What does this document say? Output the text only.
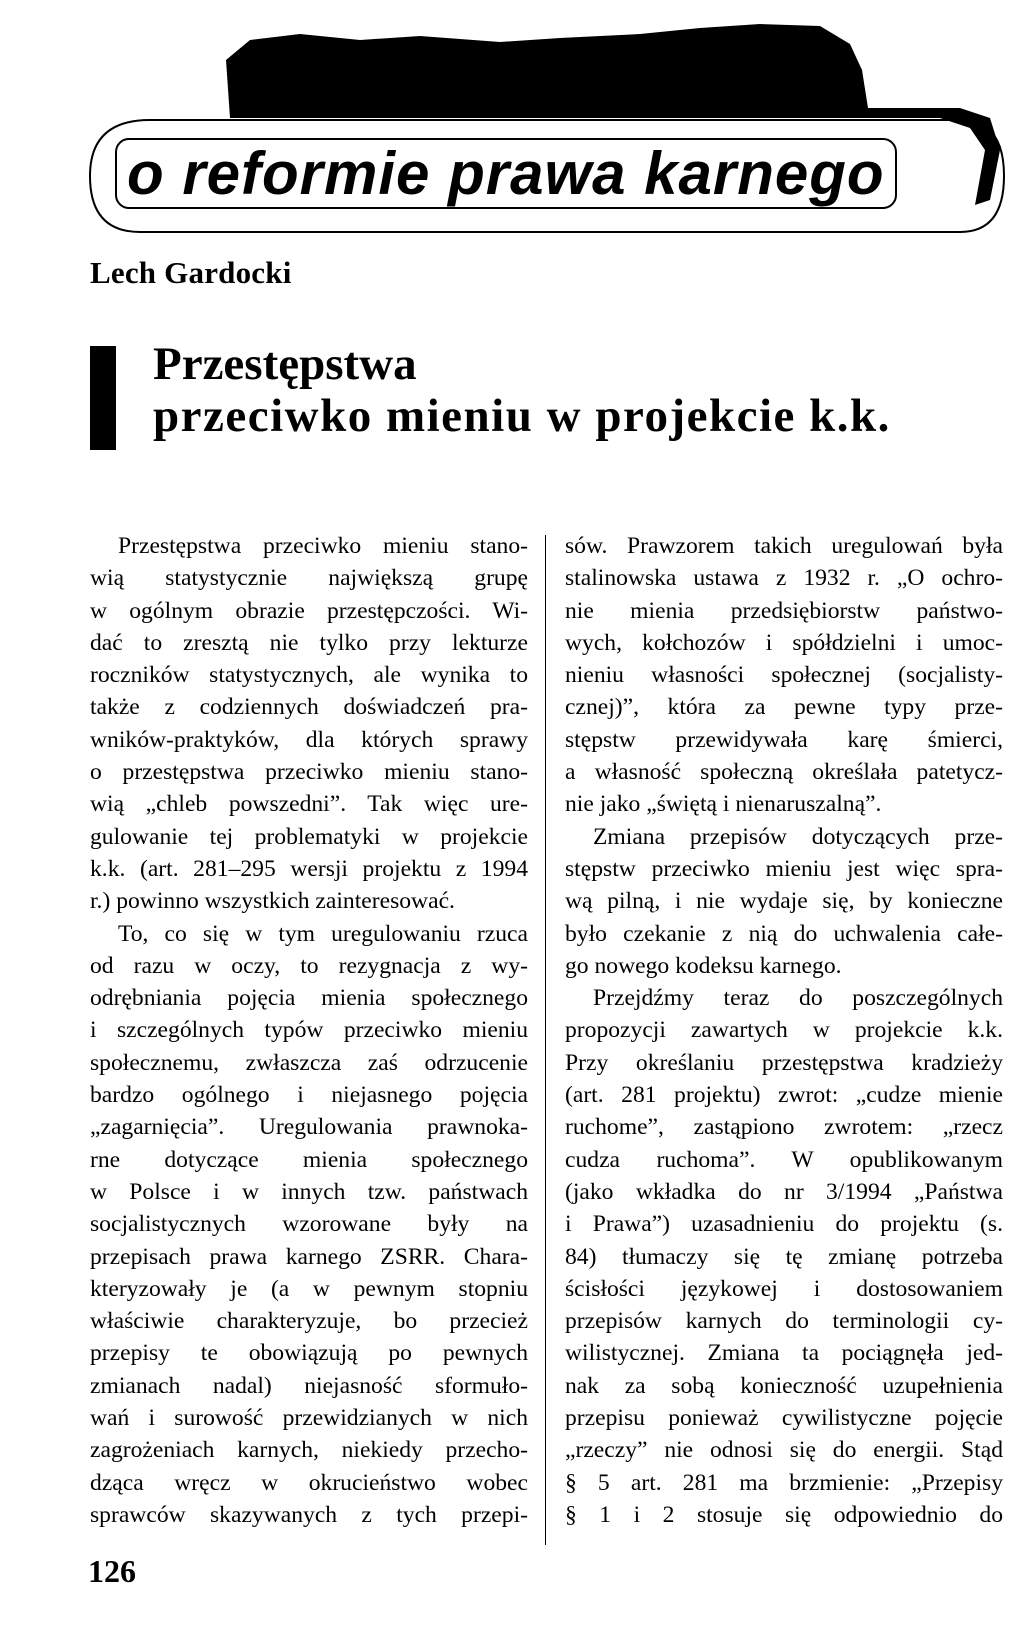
o reformie prawa karnego
Lech Gardocki
Przestępstwa
przeciwko mieniu w projekcie k.k.
Przestępstwa przeciwko mieniu stano-
wią statystycznie największą grupę
w ogólnym obrazie przestępczości. Wi-
dać to zresztą nie tylko przy lekturze
roczników statystycznych, ale wynika to
także z codziennych doświadczeń pra-
wników-praktyków, dla których sprawy
o przestępstwa przeciwko mieniu stano-
wią „chleb powszedni”. Tak więc ure-
gulowanie tej problematyki w projekcie
k.k. (art. 281–295 wersji projektu z 1994
r.) powinno wszystkich zainteresować.
To, co się w tym uregulowaniu rzuca
od razu w oczy, to rezygnacja z wy-
odrębniania pojęcia mienia społecznego
i szczególnych typów przeciwko mieniu
społecznemu, zwłaszcza zaś odrzucenie
bardzo ogólnego i niejasnego pojęcia
„zagarnięcia”. Uregulowania prawnoka-
rne dotyczące mienia społecznego
w Polsce i w innych tzw. państwach
socjalistycznych wzorowane były na
przepisach prawa karnego ZSRR. Chara-
kteryzowały je (a w pewnym stopniu
właściwie charakteryzuje, bo przecież
przepisy te obowiązują po pewnych
zmianach nadal) niejasność sformuło-
wań i surowość przewidzianych w nich
zagrożeniach karnych, niekiedy przecho-
dząca wręcz w okrucieństwo wobec
sprawców skazywanych z tych przepi-
sów. Prawzorem takich uregulowań była
stalinowska ustawa z 1932 r. „O ochro-
nie mienia przedsiębiorstw państwo-
wych, kołchozów i spółdzielni i umoc-
nieniu własności społecznej (socjalisty-
cznej)”, która za pewne typy prze-
stępstw przewidywała karę śmierci,
a własność społeczną określała patetycz-
nie jako „świętą i nienaruszalną”.
Zmiana przepisów dotyczących prze-
stępstw przeciwko mieniu jest więc spra-
wą pilną, i nie wydaje się, by konieczne
było czekanie z nią do uchwalenia całe-
go nowego kodeksu karnego.
Przejdźmy teraz do poszczególnych
propozycji zawartych w projekcie k.k.
Przy określaniu przestępstwa kradzieży
(art. 281 projektu) zwrot: „cudze mienie
ruchome”, zastąpiono zwrotem: „rzecz
cudza ruchoma”. W opublikowanym
(jako wkładka do nr 3/1994 „Państwa
i Prawa”) uzasadnieniu do projektu (s.
84) tłumaczy się tę zmianę potrzeba
ścisłości językowej i dostosowaniem
przepisów karnych do terminologii cy-
wilistycznej. Zmiana ta pociągnęła jed-
nak za sobą konieczność uzupełnienia
przepisu ponieważ cywilistyczne pojęcie
„rzeczy” nie odnosi się do energii. Stąd
§ 5 art. 281 ma brzmienie: „Przepisy
§ 1 i 2 stosuje się odpowiednio do
126
